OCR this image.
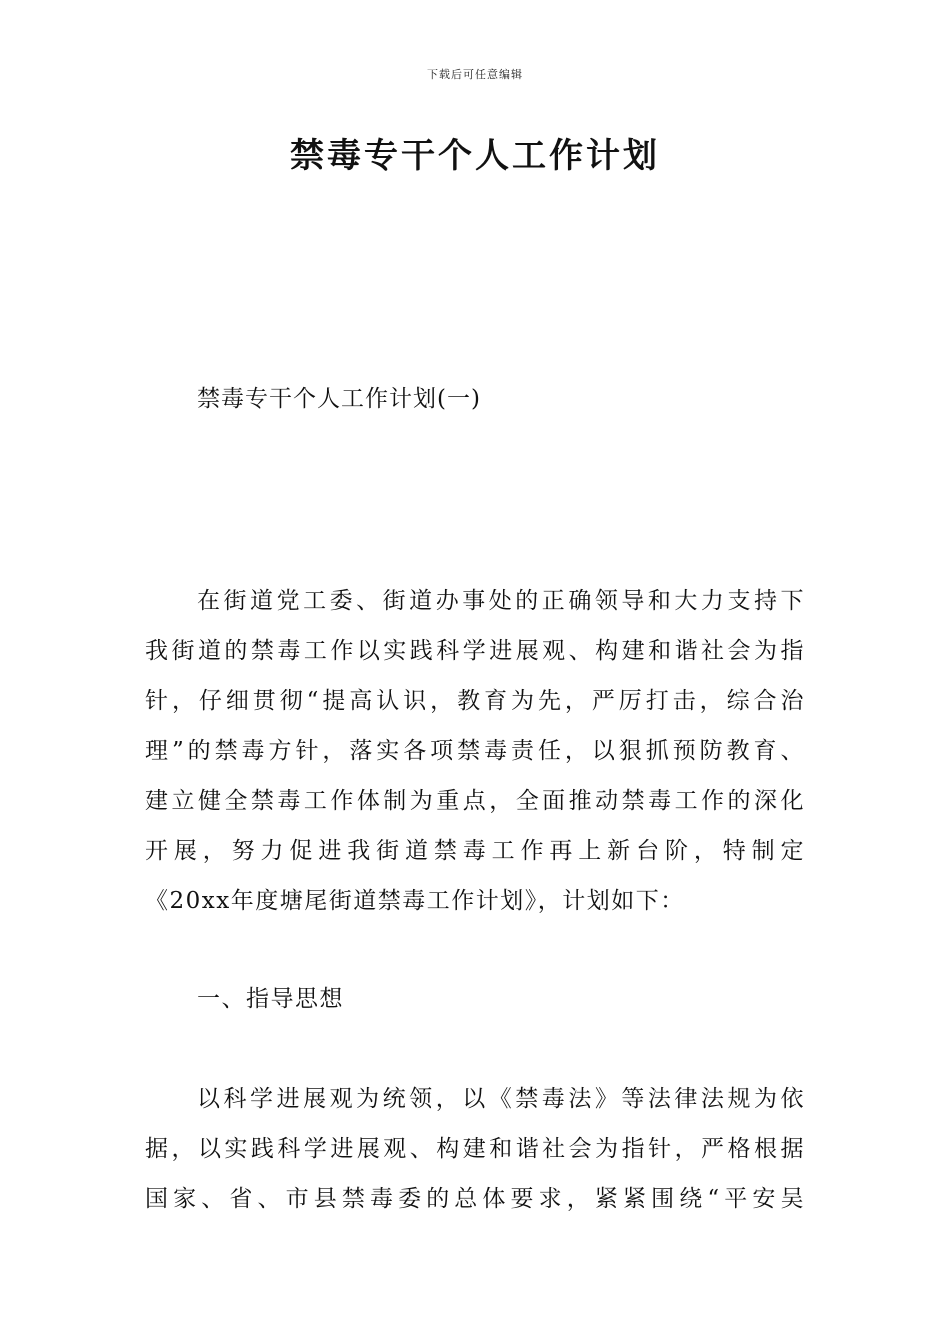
下载后可任意编辑
禁毒专干个人工作计划
禁毒专干个人工作计划(一)
在街道党工委、街道办事处的正确领导和大力支持下
我街道的禁毒工作以实践科学进展观、构建和谐社会为指
针，仔细贯彻“提高认识，教育为先，严厉打击，综合治
理”的禁毒方针，落实各项禁毒责任，以狠抓预防教育、
建立健全禁毒工作体制为重点，全面推动禁毒工作的深化
开展，努力促进我街道禁毒工作再上新台阶，特制定
《20xx年度塘尾街道禁毒工作计划》，计划如下：
一、指导思想
以科学进展观为统领，以《禁毒法》等法律法规为依
据，以实践科学进展观、构建和谐社会为指针，严格根据
国家、省、市县禁毒委的总体要求，紧紧围绕“平安吴
